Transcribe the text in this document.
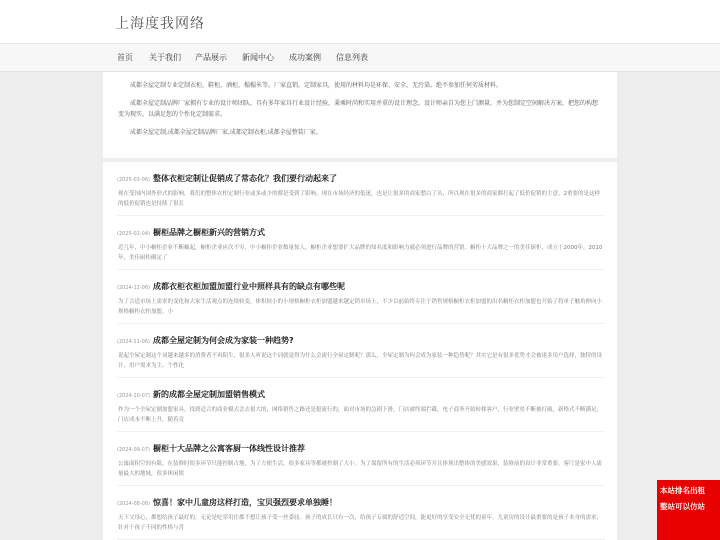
上海度我网络
首页 关于我们 产品展示 新闻中心 成功案例 信息列表

成都全屋定制专业定制衣柜，鞋柜，酒柜，榻榻米等。厂家直销，定制家具，使用的材料均是环保、安全、无污染。绝不参加任何劣质材料。

成都全屋定制品牌厂家拥有专业的设计师团队，具有多年家具行业设计经验，秉乘时尚和实用并重的设计理念，设计师亲自为您上门测量，并为您制定空间解决方案，把您的构想变为现实，以满足您的个性化定制需求。

成都全屋定制,成都全屋定制品牌厂家,成都定制衣柜,成都全屋整装厂家。

(2025-03-06) 整体衣柜定制让促销成了常态化？我们要行动起来了
现在受国内国外形式的影响，我们的整体衣柜定制行业或多或少的都是受到了影响。现在市场经济的低迷，也是让很多的商家愁白了头，所以现在很多的商家都打起了低价促销的主意。2重要的是这样的低价促销也是持续了很长
(2025-02-04) 橱柜品牌之橱柜新兴的营销方式
近几年，中小橱柜企业不断崛起，橱柜企业应次不穷，中小橱柜企业数量惊人，橱柜企业想要扩大品牌的知名度和影响力就必须进行品牌的营销。橱柜十大品牌之一的美佳厨柜，成立于2000年，2010年，美佳厨柜确定了
(2024-12-06) 成都衣柜衣柜加盟加盟行业中照样具有的缺点有哪些呢
为了合适市场上需求的变化和大家生活观点的连续转变，体积较小的小规格橱柜衣柜加盟越来越定销市场上，不少以前始终专注于销售规格橱柜衣柜加盟的出名橱柜衣柜加盟也开始了将单子触角伸向小规格橱柜衣柜加盟。小
(2024-11-06) 成都全屋定制为何会成为家装一种趋势?
说起全屋定制这个词越来越多的消费者不再陌生，很多人听说这个词就觉得为什么会流行全屋定制呢？那么，全屋定制为何会成为家装一种趋势呢？其实它是有很多优势才会被诸多用户选择，独特的设计、用户需求为主、个性化
(2024-10-07) 新的成都全屋定制加盟销售模式
作为一个全屋定制加盟家具，找到适合的商业模式会去很大的，网络销售之路还是挺流行的，面对市场的急剧下滑，门店被终端拦截，电子商务开始转移客户，行业壁垒不断被打破，新格式不断满足，门店成本不断上升，随着竟
(2024-09-07) 橱柜十大品牌之公寓客厨一体线性设计推荐
公寓面积空间有限，在装修时很多环节只能控制占地，为了方便生活，很多家具等都被控制了大小。为了保留所有的生活必须环节并且体现出整体的美感效果，装修前的设计非常重要。客厅是家中人流量最大的地域，很多休闲娱
(2024-08-08) 惊喜！家中儿童房这样打造，宝贝强烈要求单独睡！
天下父母心，都想给孩子最好的。无论是吃穿用住都不想让孩子受一丝委屈。孩子的成长只有一次，给孩子专属的舒适空间，能更好的享受安全无忧的童年。儿童房的设计最重要的是孩子本身的需求，针对于孩子不同的性格与喜
本站排名出租
整站可以仿站
